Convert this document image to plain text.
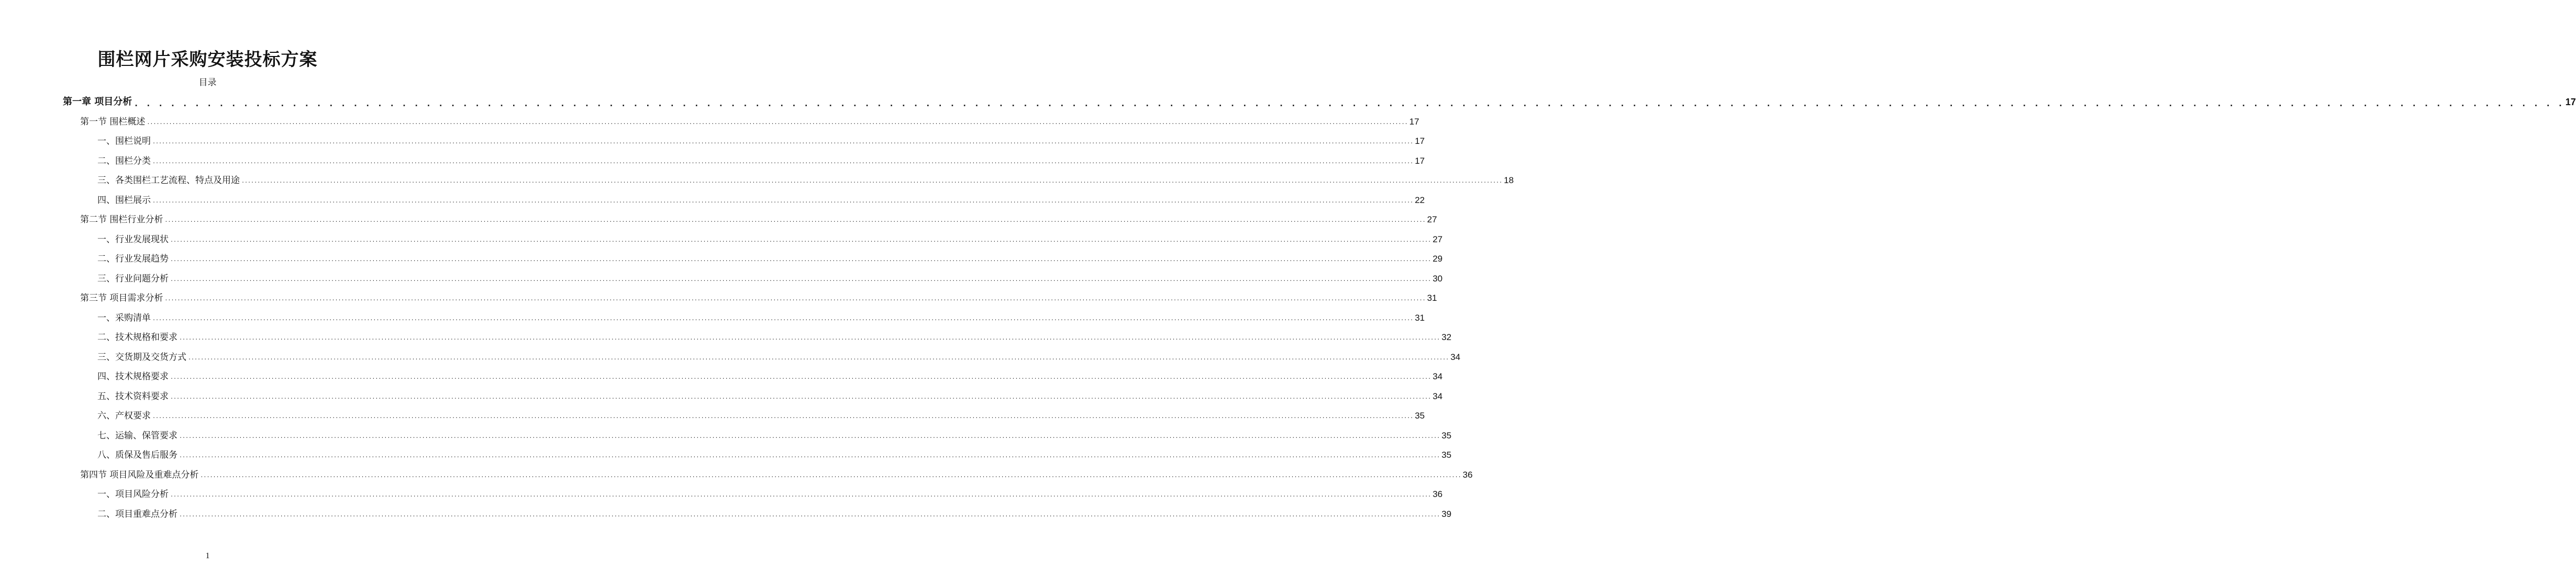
围栏网片采购安装投标方案
目录
第一章 项目分析 . . . . . . . . . . . . . . . . . . . . . . . . . . . . . . . . . . . . . . . . . . . . . . . . . . . . . . . . . . . . . . . . . . . . . . . . . . . . . . . . . . . . . . . . . . . . . . . . . . . . . . . . . . . . . . . . . . . . . . . . . . . . . . . . . . . . . . . . . . . . . . . . . . . . . . . . . . . . . . . . . . . . . . . . . . . . . . . . . . . . . . . . . . . . . . . . . . . . . . . . 17
第一节 围栏概述 ................................................................................................................................................................................................................................................................................................................................................................................................................ 17
一、围栏说明 ................................................................................................................................................................................................................................................................................................................................................................................................................ 17
二、围栏分类 ................................................................................................................................................................................................................................................................................................................................................................................................................ 17
三、各类围栏工艺流程、特点及用途 ................................................................................................................................................................................................................................................................................................................................................................................................................ 18
四、围栏展示 ................................................................................................................................................................................................................................................................................................................................................................................................................ 22
第二节 围栏行业分析 ................................................................................................................................................................................................................................................................................................................................................................................................................ 27
一、行业发展现状 ................................................................................................................................................................................................................................................................................................................................................................................................................ 27
二、行业发展趋势 ................................................................................................................................................................................................................................................................................................................................................................................................................ 29
三、行业问题分析 ................................................................................................................................................................................................................................................................................................................................................................................................................ 30
第三节 项目需求分析 ................................................................................................................................................................................................................................................................................................................................................................................................................ 31
一、采购清单 ................................................................................................................................................................................................................................................................................................................................................................................................................ 31
二、技术规格和要求 ................................................................................................................................................................................................................................................................................................................................................................................................................ 32
三、交货期及交货方式 ................................................................................................................................................................................................................................................................................................................................................................................................................ 34
四、技术规格要求 ................................................................................................................................................................................................................................................................................................................................................................................................................ 34
五、技术资料要求 ................................................................................................................................................................................................................................................................................................................................................................................................................ 34
六、产权要求 ................................................................................................................................................................................................................................................................................................................................................................................................................ 35
七、运输、保管要求 ................................................................................................................................................................................................................................................................................................................................................................................................................ 35
八、质保及售后服务 ................................................................................................................................................................................................................................................................................................................................................................................................................ 35
第四节 项目风险及重难点分析 ................................................................................................................................................................................................................................................................................................................................................................................................................ 36
一、项目风险分析 ................................................................................................................................................................................................................................................................................................................................................................................................................ 36
二、项目重难点分析 ................................................................................................................................................................................................................................................................................................................................................................................................................ 39
1
